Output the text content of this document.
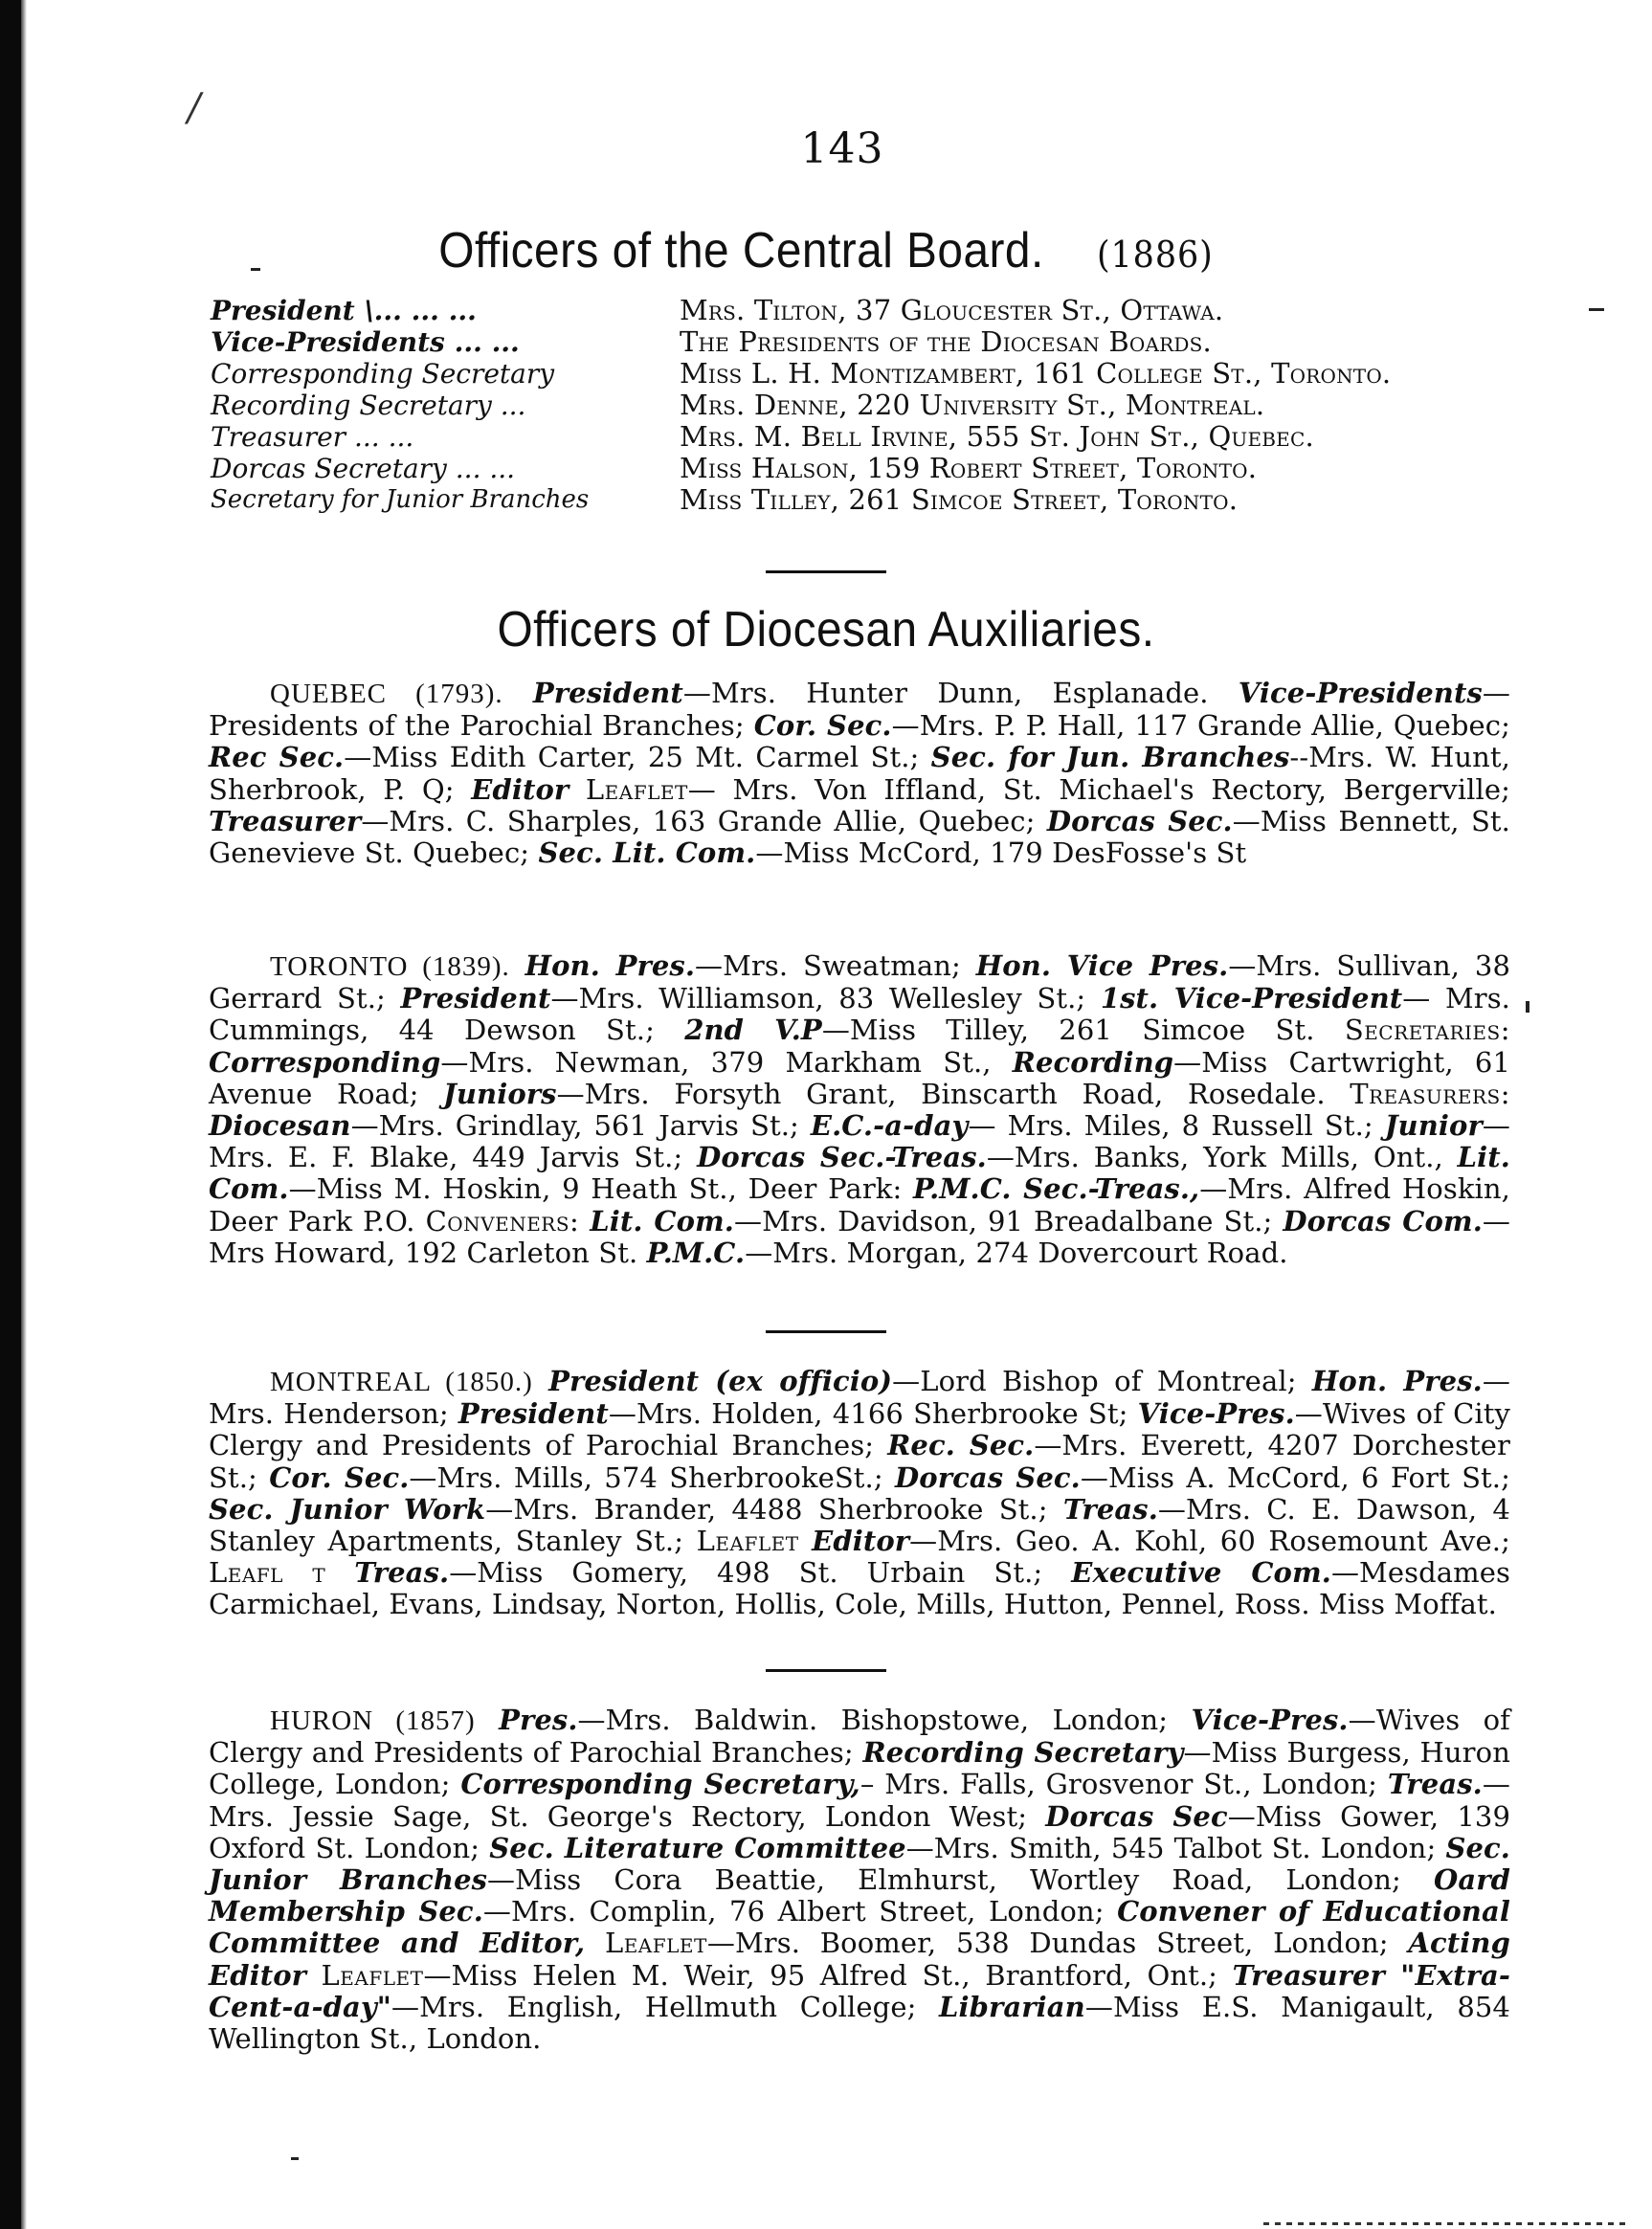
/
143
Officers of the Central Board. (1886)
President \... ... ...	Mrs. Tilton, 37 Gloucester St., Ottawa.
Vice-Presidents ... ...	The Presidents of the Diocesan Boards.
Corresponding Secretary	Miss L. H. Montizambert, 161 College St., Toronto.
Recording Secretary ...	Mrs. Denne, 220 University St., Montreal.
Treasurer ... ...	Mrs. M. Bell Irvine, 555 St. John St., Quebec.
Dorcas Secretary ... ...	Miss Halson, 159 Robert Street, Toronto.
Secretary for Junior Branches	Miss Tilley, 261 Simcoe Street, Toronto.
Officers of Diocesan Auxiliaries.
QUEBEC (1793). President—Mrs. Hunter Dunn, Esplanade. Vice-Presidents— Presidents of the Parochial Branches; Cor. Sec.—Mrs. P. P. Hall, 117 Grande Allie, Quebec; Rec Sec.—Miss Edith Carter, 25 Mt. Carmel St.; Sec. for Jun. Branches--Mrs. W. Hunt, Sherbrook, P. Q; Editor Leaflet— Mrs. Von Iffland, St. Michael's Rectory, Bergerville; Treasurer—Mrs. C. Sharples, 163 Grande Allie, Quebec; Dorcas Sec.—Miss Bennett, St. Genevieve St. Quebec; Sec. Lit. Com.—Miss McCord, 179 DesFosse's St
TORONTO (1839). Hon. Pres.—Mrs. Sweatman; Hon. Vice Pres.—Mrs. Sullivan, 38 Gerrard St.; President—Mrs. Williamson, 83 Wellesley St.; 1st. Vice-President— Mrs. Cummings, 44 Dewson St.; 2nd V.P—Miss Tilley, 261 Simcoe St. Secretaries: Corresponding—Mrs. Newman, 379 Markham St., Recording—Miss Cartwright, 61 Avenue Road; Juniors—Mrs. Forsyth Grant, Binscarth Road, Rosedale. Treasurers: Diocesan—Mrs. Grindlay, 561 Jarvis St.; E.C.-a-day— Mrs. Miles, 8 Russell St.; Junior—Mrs. E. F. Blake, 449 Jarvis St.; Dorcas Sec.-Treas.—Mrs. Banks, York Mills, Ont., Lit. Com.—Miss M. Hoskin, 9 Heath St., Deer Park: P.M.C. Sec.-Treas.,—Mrs. Alfred Hoskin, Deer Park P.O. Conveners: Lit. Com.—Mrs. Davidson, 91 Breadalbane St.; Dorcas Com.—Mrs Howard, 192 Carleton St. P.M.C.—Mrs. Morgan, 274 Dovercourt Road.
MONTREAL (1850.) President (ex officio)—Lord Bishop of Montreal; Hon. Pres.—Mrs. Henderson; President—Mrs. Holden, 4166 Sherbrooke St; Vice-Pres.—Wives of City Clergy and Presidents of Parochial Branches; Rec. Sec.—Mrs. Everett, 4207 Dorchester St.; Cor. Sec.—Mrs. Mills, 574 SherbrookeSt.; Dorcas Sec.—Miss A. McCord, 6 Fort St.; Sec. Junior Work—Mrs. Brander, 4488 Sherbrooke St.; Treas.—Mrs. C. E. Dawson, 4 Stanley Apartments, Stanley St.; Leaflet Editor—Mrs. Geo. A. Kohl, 60 Rosemount Ave.; Leafl t Treas.—Miss Gomery, 498 St. Urbain St.; Executive Com.—Mesdames Carmichael, Evans, Lindsay, Norton, Hollis, Cole, Mills, Hutton, Pennel, Ross. Miss Moffat.
HURON (1857) Pres.—Mrs. Baldwin. Bishopstowe, London; Vice-Pres.—Wives of Clergy and Presidents of Parochial Branches; Recording Secretary—Miss Burgess, Huron College, London; Corresponding Secretary,– Mrs. Falls, Grosvenor St., London; Treas.—Mrs. Jessie Sage, St. George's Rectory, London West; Dorcas Sec—Miss Gower, 139 Oxford St. London; Sec. Literature Committee—Mrs. Smith, 545 Talbot St. London; Sec. Junior Branches—Miss Cora Beattie, Elmhurst, Wortley Road, London; Oard Membership Sec.—Mrs. Complin, 76 Albert Street, London; Convener of Educational Committee and Editor, Leaflet—Mrs. Boomer, 538 Dundas Street, London; Acting Editor Leaflet—Miss Helen M. Weir, 95 Alfred St., Brantford, Ont.; Treasurer "Extra-Cent-a-day"—Mrs. English, Hellmuth College; Librarian—Miss E.S. Manigault, 854 Wellington St., London.
